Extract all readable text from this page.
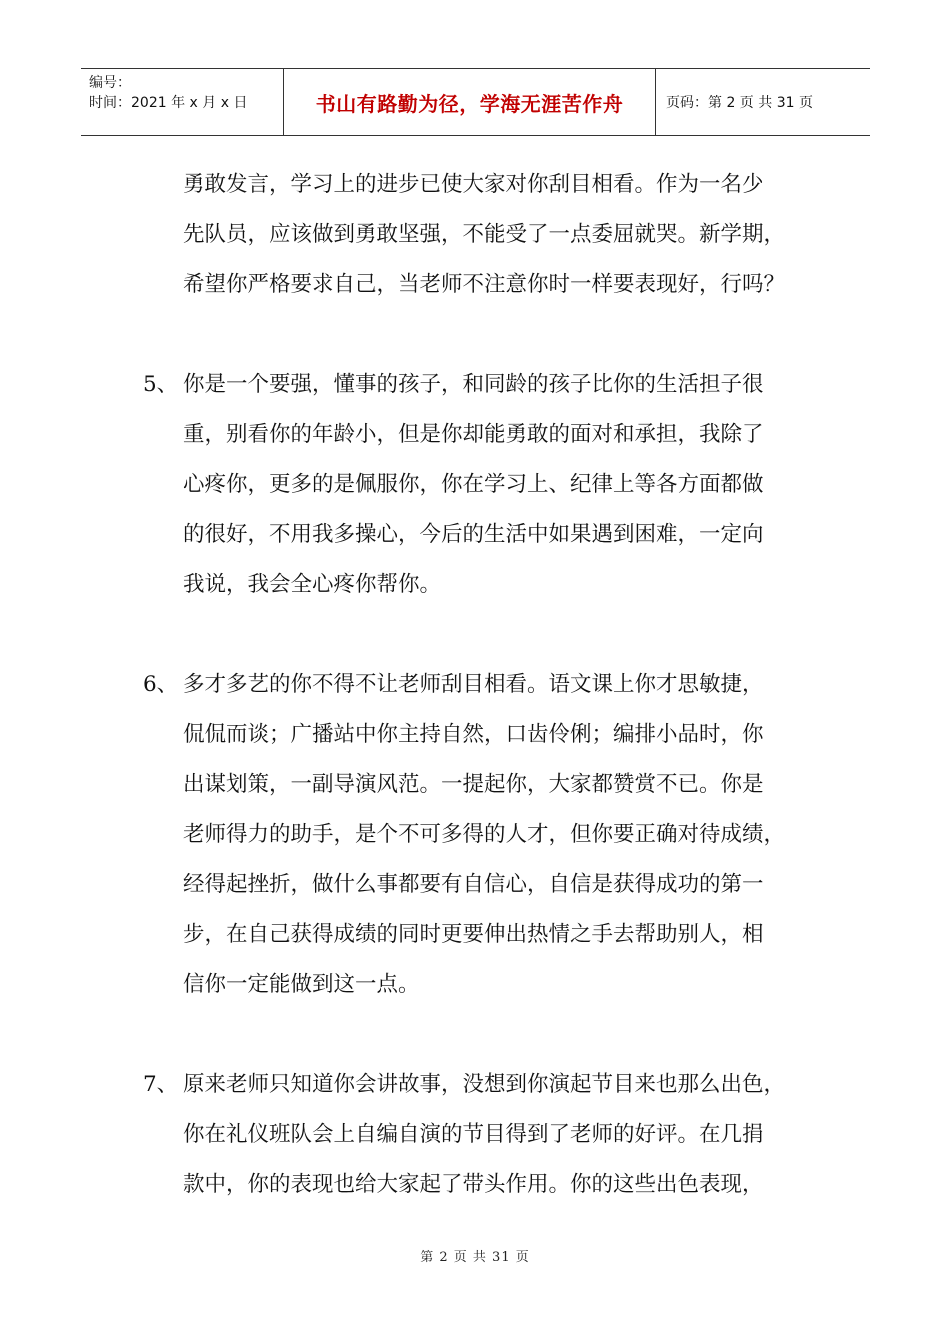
编号：
时间：2021 年 x 月 x 日	书山有路勤为径，学海无涯苦作舟	页码：第 2 页 共 31 页
勇敢发言，学习上的进步已使大家对你刮目相看。作为一名少
先队员，应该做到勇敢坚强，不能受了一点委屈就哭。新学期，
希望你严格要求自己，当老师不注意你时一样要表现好，行吗？
5、 你是一个要强，懂事的孩子，和同龄的孩子比你的生活担子很
重，别看你的年龄小，但是你却能勇敢的面对和承担，我除了
心疼你，更多的是佩服你，你在学习上、纪律上等各方面都做
的很好，不用我多操心，今后的生活中如果遇到困难，一定向
我说，我会全心疼你帮你。
6、 多才多艺的你不得不让老师刮目相看。语文课上你才思敏捷，
侃侃而谈；广播站中你主持自然，口齿伶俐；编排小品时，你
出谋划策，一副导演风范。一提起你，大家都赞赏不已。你是
老师得力的助手，是个不可多得的人才，但你要正确对待成绩，
经得起挫折，做什么事都要有自信心，自信是获得成功的第一
步，在自己获得成绩的同时更要伸出热情之手去帮助别人，相
信你一定能做到这一点。
7、 原来老师只知道你会讲故事，没想到你演起节目来也那么出色，
你在礼仪班队会上自编自演的节目得到了老师的好评。在几捐
款中，你的表现也给大家起了带头作用。你的这些出色表现，
第 2 页 共 31 页
